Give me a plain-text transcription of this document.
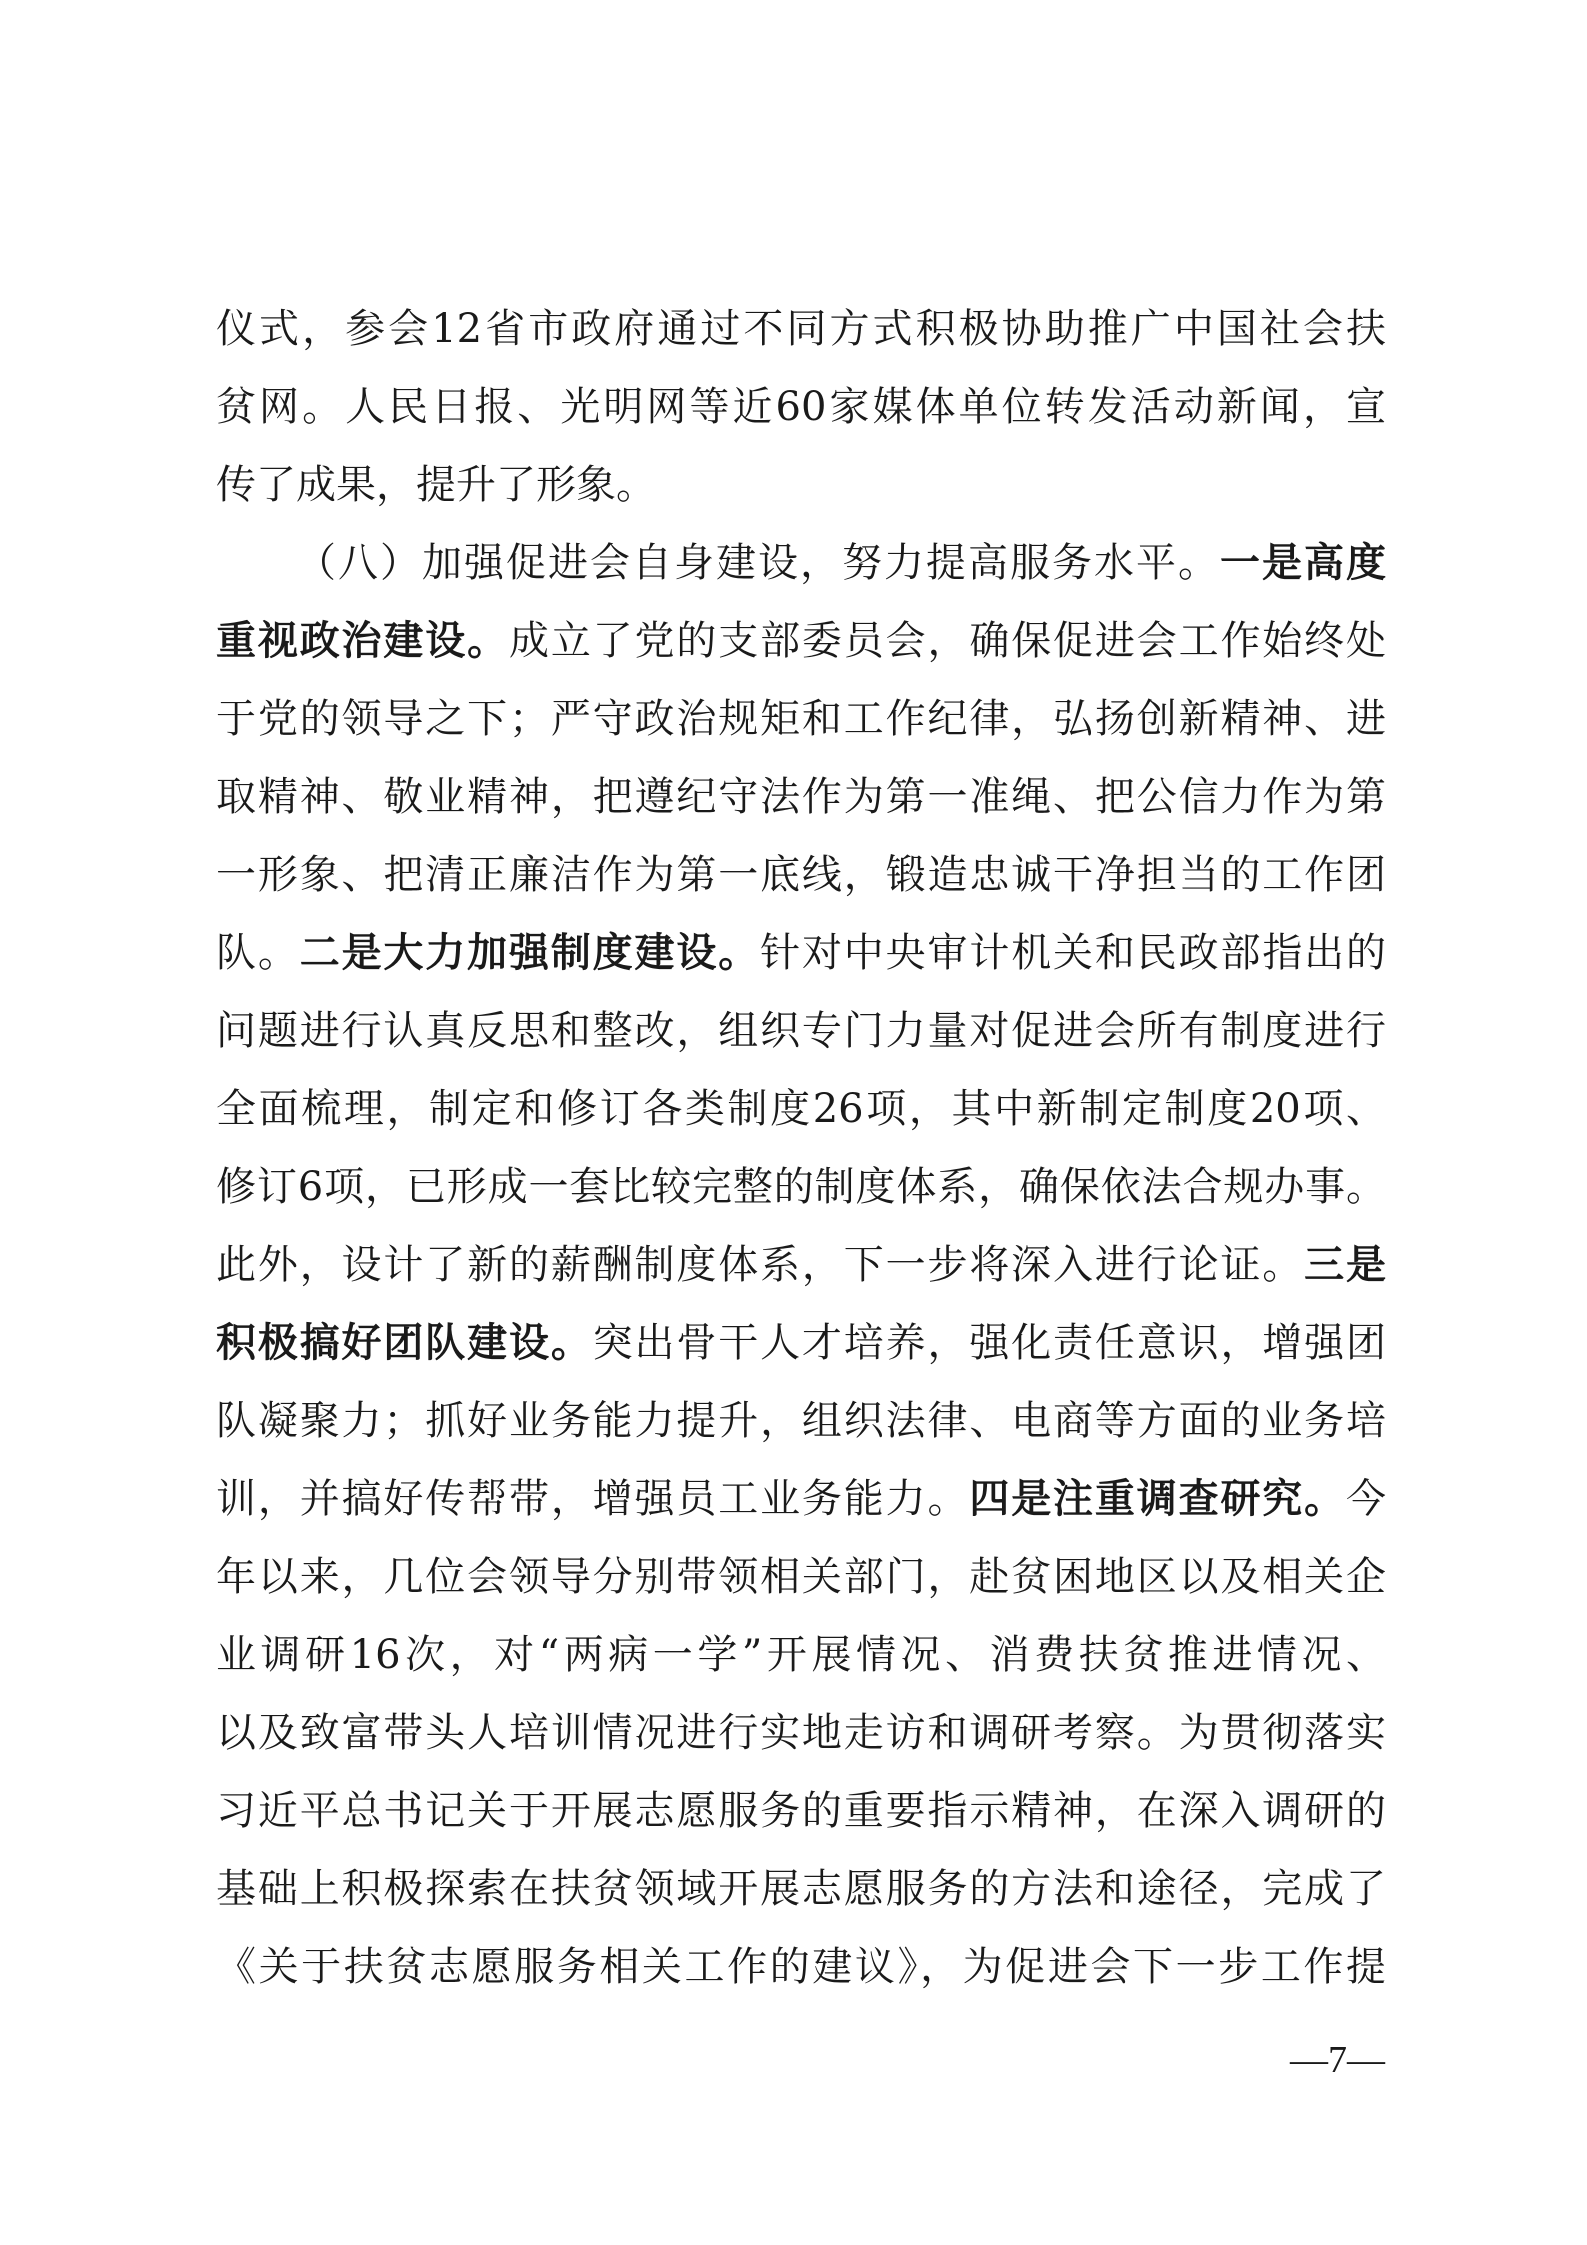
仪式，参会12省市政府通过不同方式积极协助推广中国社会扶
贫网。人民日报、光明网等近60家媒体单位转发活动新闻，宣
传了成果，提升了形象。
（八）加强促进会自身建设，努力提高服务水平。一是高度
重视政治建设。成立了党的支部委员会，确保促进会工作始终处
于党的领导之下；严守政治规矩和工作纪律，弘扬创新精神、进
取精神、敬业精神，把遵纪守法作为第一准绳、把公信力作为第
一形象、把清正廉洁作为第一底线，锻造忠诚干净担当的工作团
队。二是大力加强制度建设。针对中央审计机关和民政部指出的
问题进行认真反思和整改，组织专门力量对促进会所有制度进行
全面梳理，制定和修订各类制度26项，其中新制定制度20项、
修订6项，已形成一套比较完整的制度体系，确保依法合规办事。
此外，设计了新的薪酬制度体系，下一步将深入进行论证。三是
积极搞好团队建设。突出骨干人才培养，强化责任意识，增强团
队凝聚力；抓好业务能力提升，组织法律、电商等方面的业务培
训，并搞好传帮带，增强员工业务能力。四是注重调查研究。今
年以来，几位会领导分别带领相关部门，赴贫困地区以及相关企
业调研16次，对“两病一学”开展情况、消费扶贫推进情况、
以及致富带头人培训情况进行实地走访和调研考察。为贯彻落实
习近平总书记关于开展志愿服务的重要指示精神，在深入调研的
基础上积极探索在扶贫领域开展志愿服务的方法和途径，完成了
《关于扶贫志愿服务相关工作的建议》，为促进会下一步工作提
—7—
